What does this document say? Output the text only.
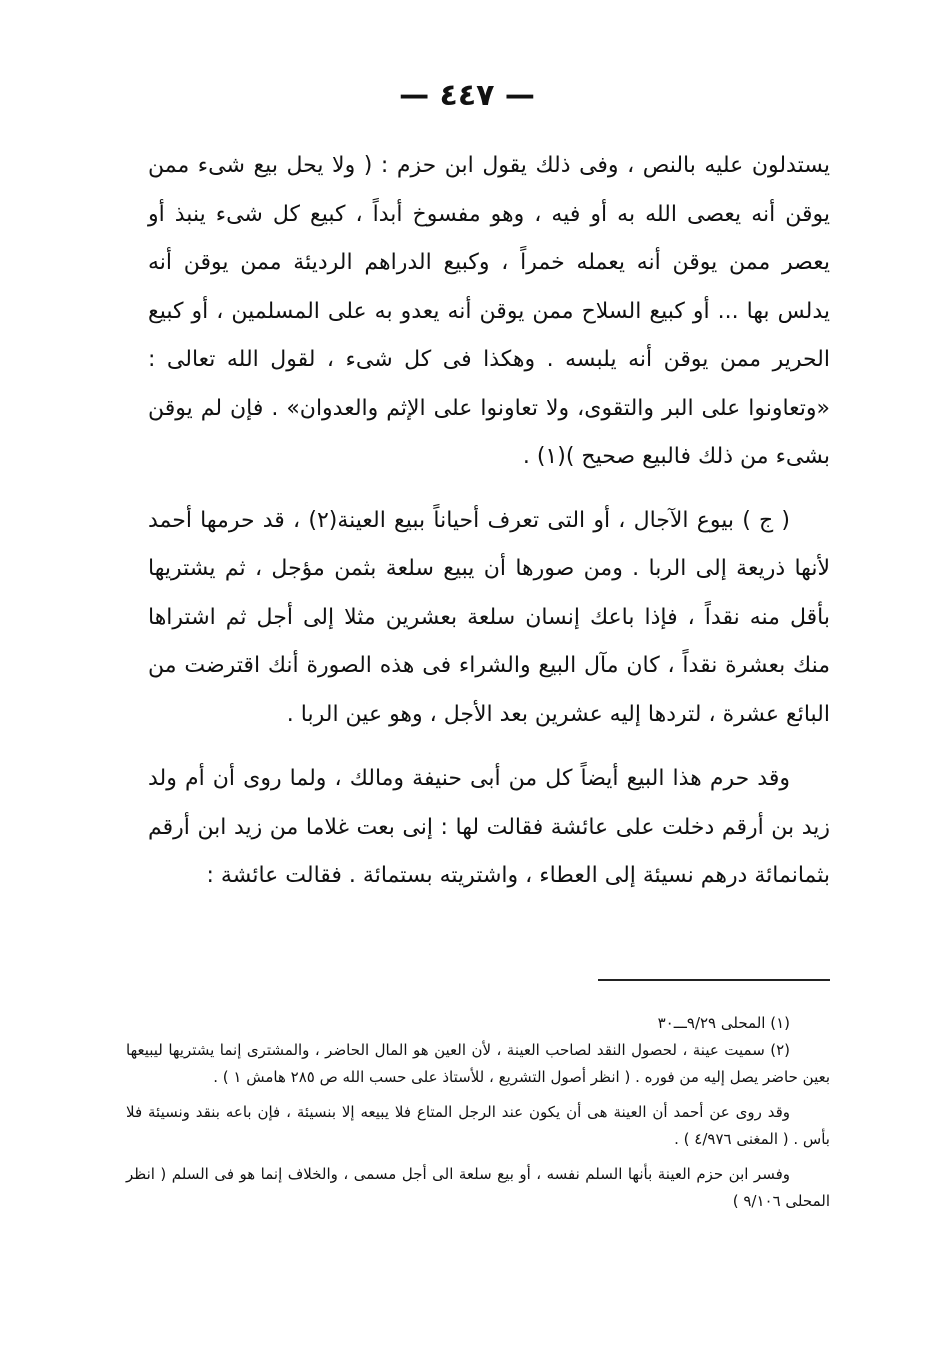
— ٤٤٧ —

يستدلون عليه بالنص ، وفى ذلك يقول ابن حزم : ( ولا يحل بيع شىء ممن يوقن أنه يعصى الله به أو فيه ، وهو مفسوخ أبداً ، كبيع كل شىء ينبذ أو يعصر ممن يوقن أنه يعمله خمراً ، وكبيع الدراهم الرديئة ممن يوقن أنه يدلس بها ... أو كبيع السلاح ممن يوقن أنه يعدو به على المسلمين ، أو كبيع الحرير ممن يوقن أنه يلبسه . وهكذا فى كل شىء ، لقول الله تعالى : «وتعاونوا على البر والتقوى، ولا تعاونوا على الإثم والعدوان» . فإن لم يوقن بشىء من ذلك فالبيع صحيح )(١) .

( ج ) بيوع الآجال ، أو التى تعرف أحياناً ببيع العينة(٢) ، قد حرمها أحمد لأنها ذريعة إلى الربا . ومن صورها أن يبيع سلعة بثمن مؤجل ، ثم يشتريها بأقل منه نقداً ، فإذا باعك إنسان سلعة بعشرين مثلا إلى أجل ثم اشتراها منك بعشرة نقداً ، كان مآل البيع والشراء فى هذه الصورة أنك اقترضت من البائع عشرة ، لتردها إليه عشرين بعد الأجل ، وهو عين الربا .

وقد حرم هذا البيع أيضاً كل من أبى حنيفة ومالك ، ولما روى أن أم ولد زيد بن أرقم دخلت على عائشة فقالت لها : إنى بعت غلاما من زيد ابن أرقم بثمانمائة درهم نسيئة إلى العطاء ، واشتريته بستمائة . فقالت عائشة :

(١) المحلى ٩/٢٩ـــ٣٠

(٢) سميت عينة ، لحصول النقد لصاحب العينة ، لأن العين هو المال الحاضر ، والمشترى إنما يشتريها ليبيعها بعين حاضر يصل إليه من فوره . ( انظر أصول التشريع ، للأستاذ على حسب الله ص ٢٨٥ هامش ١ ) .

وقد روى عن أحمد أن العينة هى أن يكون عند الرجل المتاع فلا يبيعه إلا بنسيئة ، فإن باعه بنقد ونسيئة فلا بأس . ( المغنى ٤/٩٧٦ ) .

وفسر ابن حزم العينة بأنها السلم نفسه ، أو بيع سلعة الى أجل مسمى ، والخلاف إنما هو فى السلم ( انظر المحلى ٩/١٠٦ )
